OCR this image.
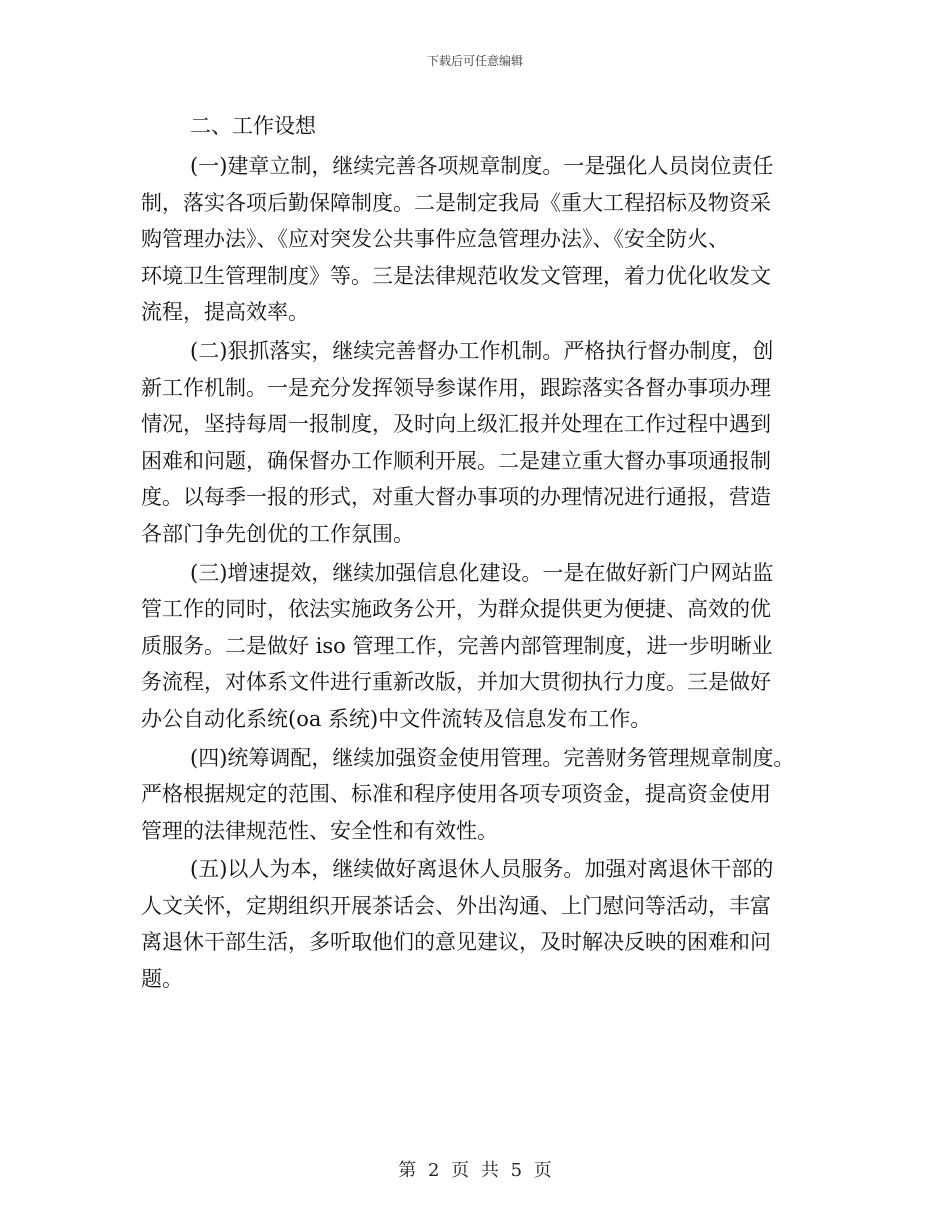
下载后可任意编辑
二、工作设想
(一)建章立制，继续完善各项规章制度。一是强化人员岗位责任
制，落实各项后勤保障制度。二是制定我局《重大工程招标及物资采
购管理办法》、《应对突发公共事件应急管理办法》、《安全防火、
环境卫生管理制度》等。三是法律规范收发文管理，着力优化收发文
流程，提高效率。
(二)狠抓落实，继续完善督办工作机制。严格执行督办制度，创
新工作机制。一是充分发挥领导参谋作用，跟踪落实各督办事项办理
情况，坚持每周一报制度，及时向上级汇报并处理在工作过程中遇到
困难和问题，确保督办工作顺利开展。二是建立重大督办事项通报制
度。以每季一报的形式，对重大督办事项的办理情况进行通报，营造
各部门争先创优的工作氛围。
(三)增速提效，继续加强信息化建设。一是在做好新门户网站监
管工作的同时，依法实施政务公开，为群众提供更为便捷、高效的优
质服务。二是做好 iso 管理工作，完善内部管理制度，进一步明晰业
务流程，对体系文件进行重新改版，并加大贯彻执行力度。三是做好
办公自动化系统(oa 系统)中文件流转及信息发布工作。
(四)统筹调配，继续加强资金使用管理。完善财务管理规章制度。
严格根据规定的范围、标准和程序使用各项专项资金，提高资金使用
管理的法律规范性、安全性和有效性。
(五)以人为本，继续做好离退休人员服务。加强对离退休干部的
人文关怀，定期组织开展茶话会、外出沟通、上门慰问等活动，丰富
离退休干部生活，多听取他们的意见建议，及时解决反映的困难和问
题。
第 2 页 共 5 页
